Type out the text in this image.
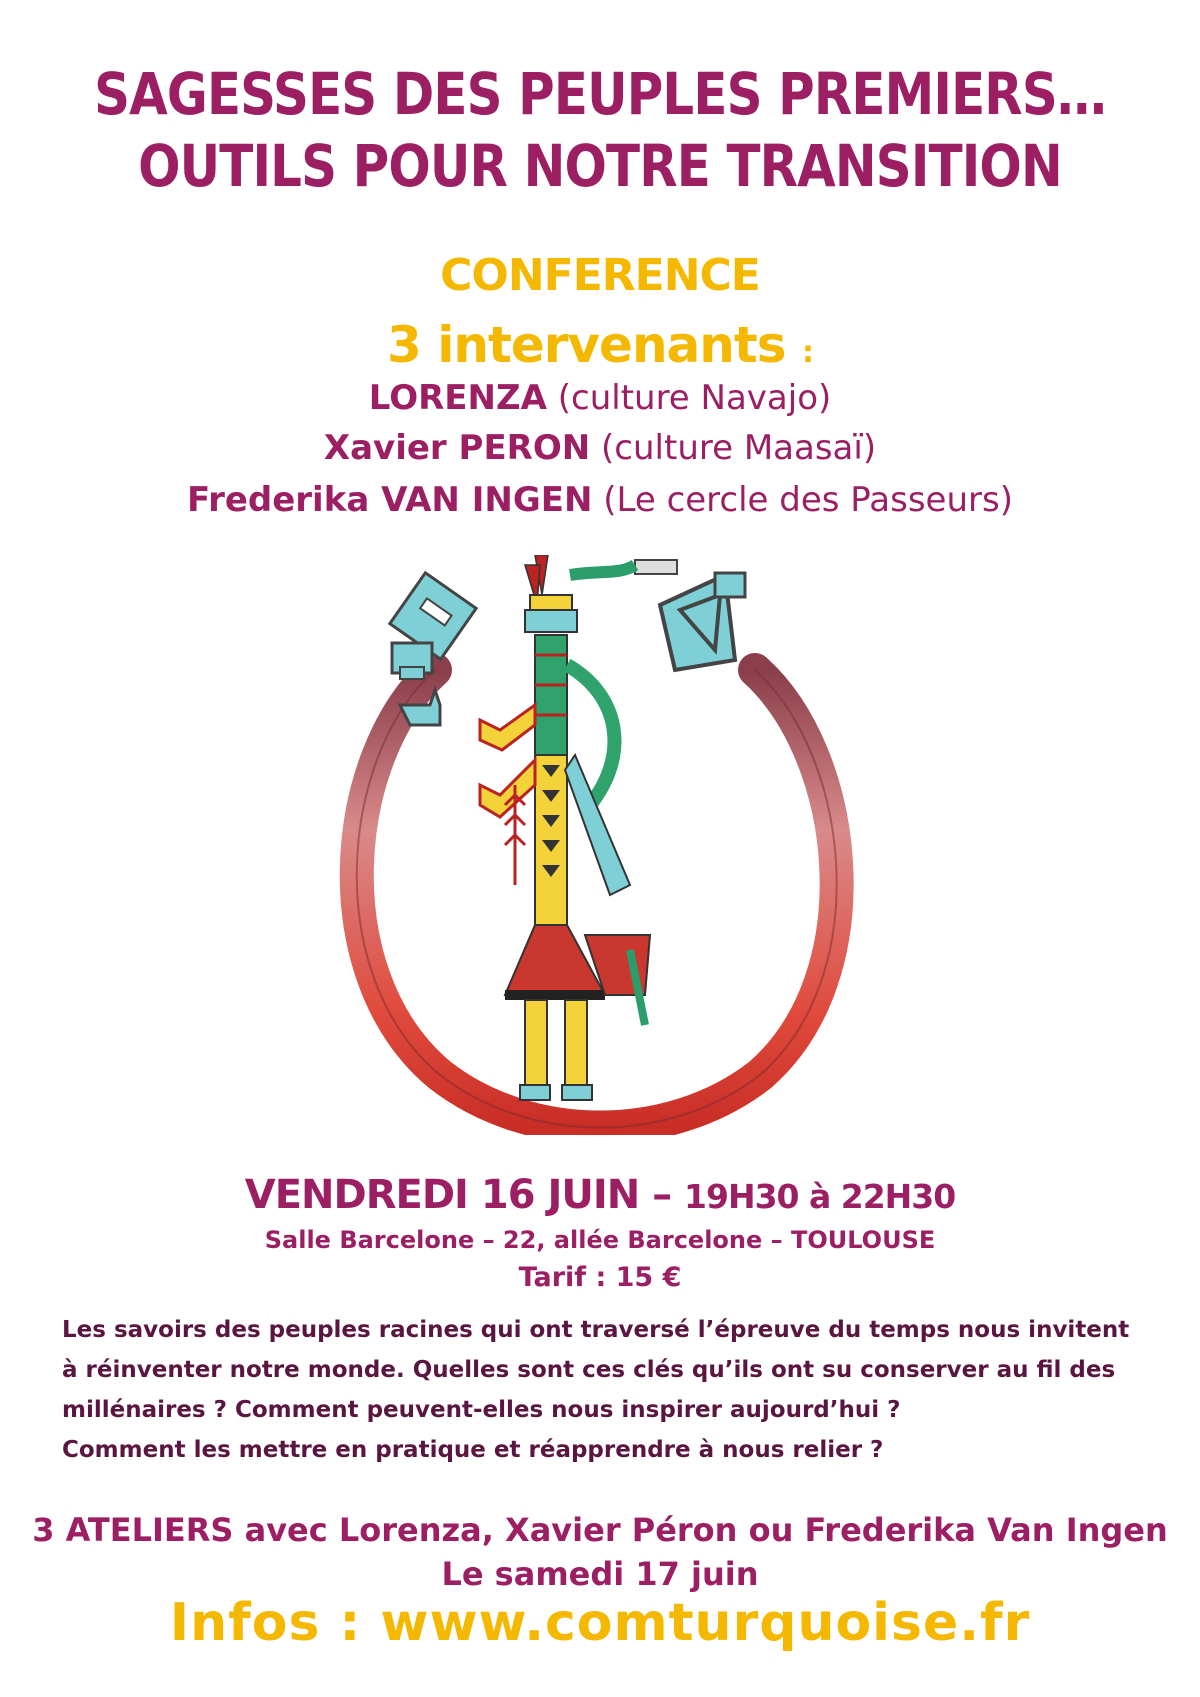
SAGESSES DES PEUPLES PREMIERS…
OUTILS POUR NOTRE TRANSITION
CONFERENCE
3 intervenants :
LORENZA (culture Navajo)
Xavier PERON (culture Maasaï)
Frederika VAN INGEN (Le cercle des Passeurs)
VENDREDI 16 JUIN – 19H30 à 22H30
Salle Barcelone – 22, allée Barcelone – TOULOUSE
Tarif : 15 €
Les savoirs des peuples racines qui ont traversé l’épreuve du temps nous invitent
à réinventer notre monde. Quelles sont ces clés qu’ils ont su conserver au fil des
millénaires ? Comment peuvent-elles nous inspirer aujourd’hui ?
Comment les mettre en pratique et réapprendre à nous relier ?
3 ATELIERS avec Lorenza, Xavier Péron ou Frederika Van Ingen
Le samedi 17 juin
Infos : www.comturquoise.fr
